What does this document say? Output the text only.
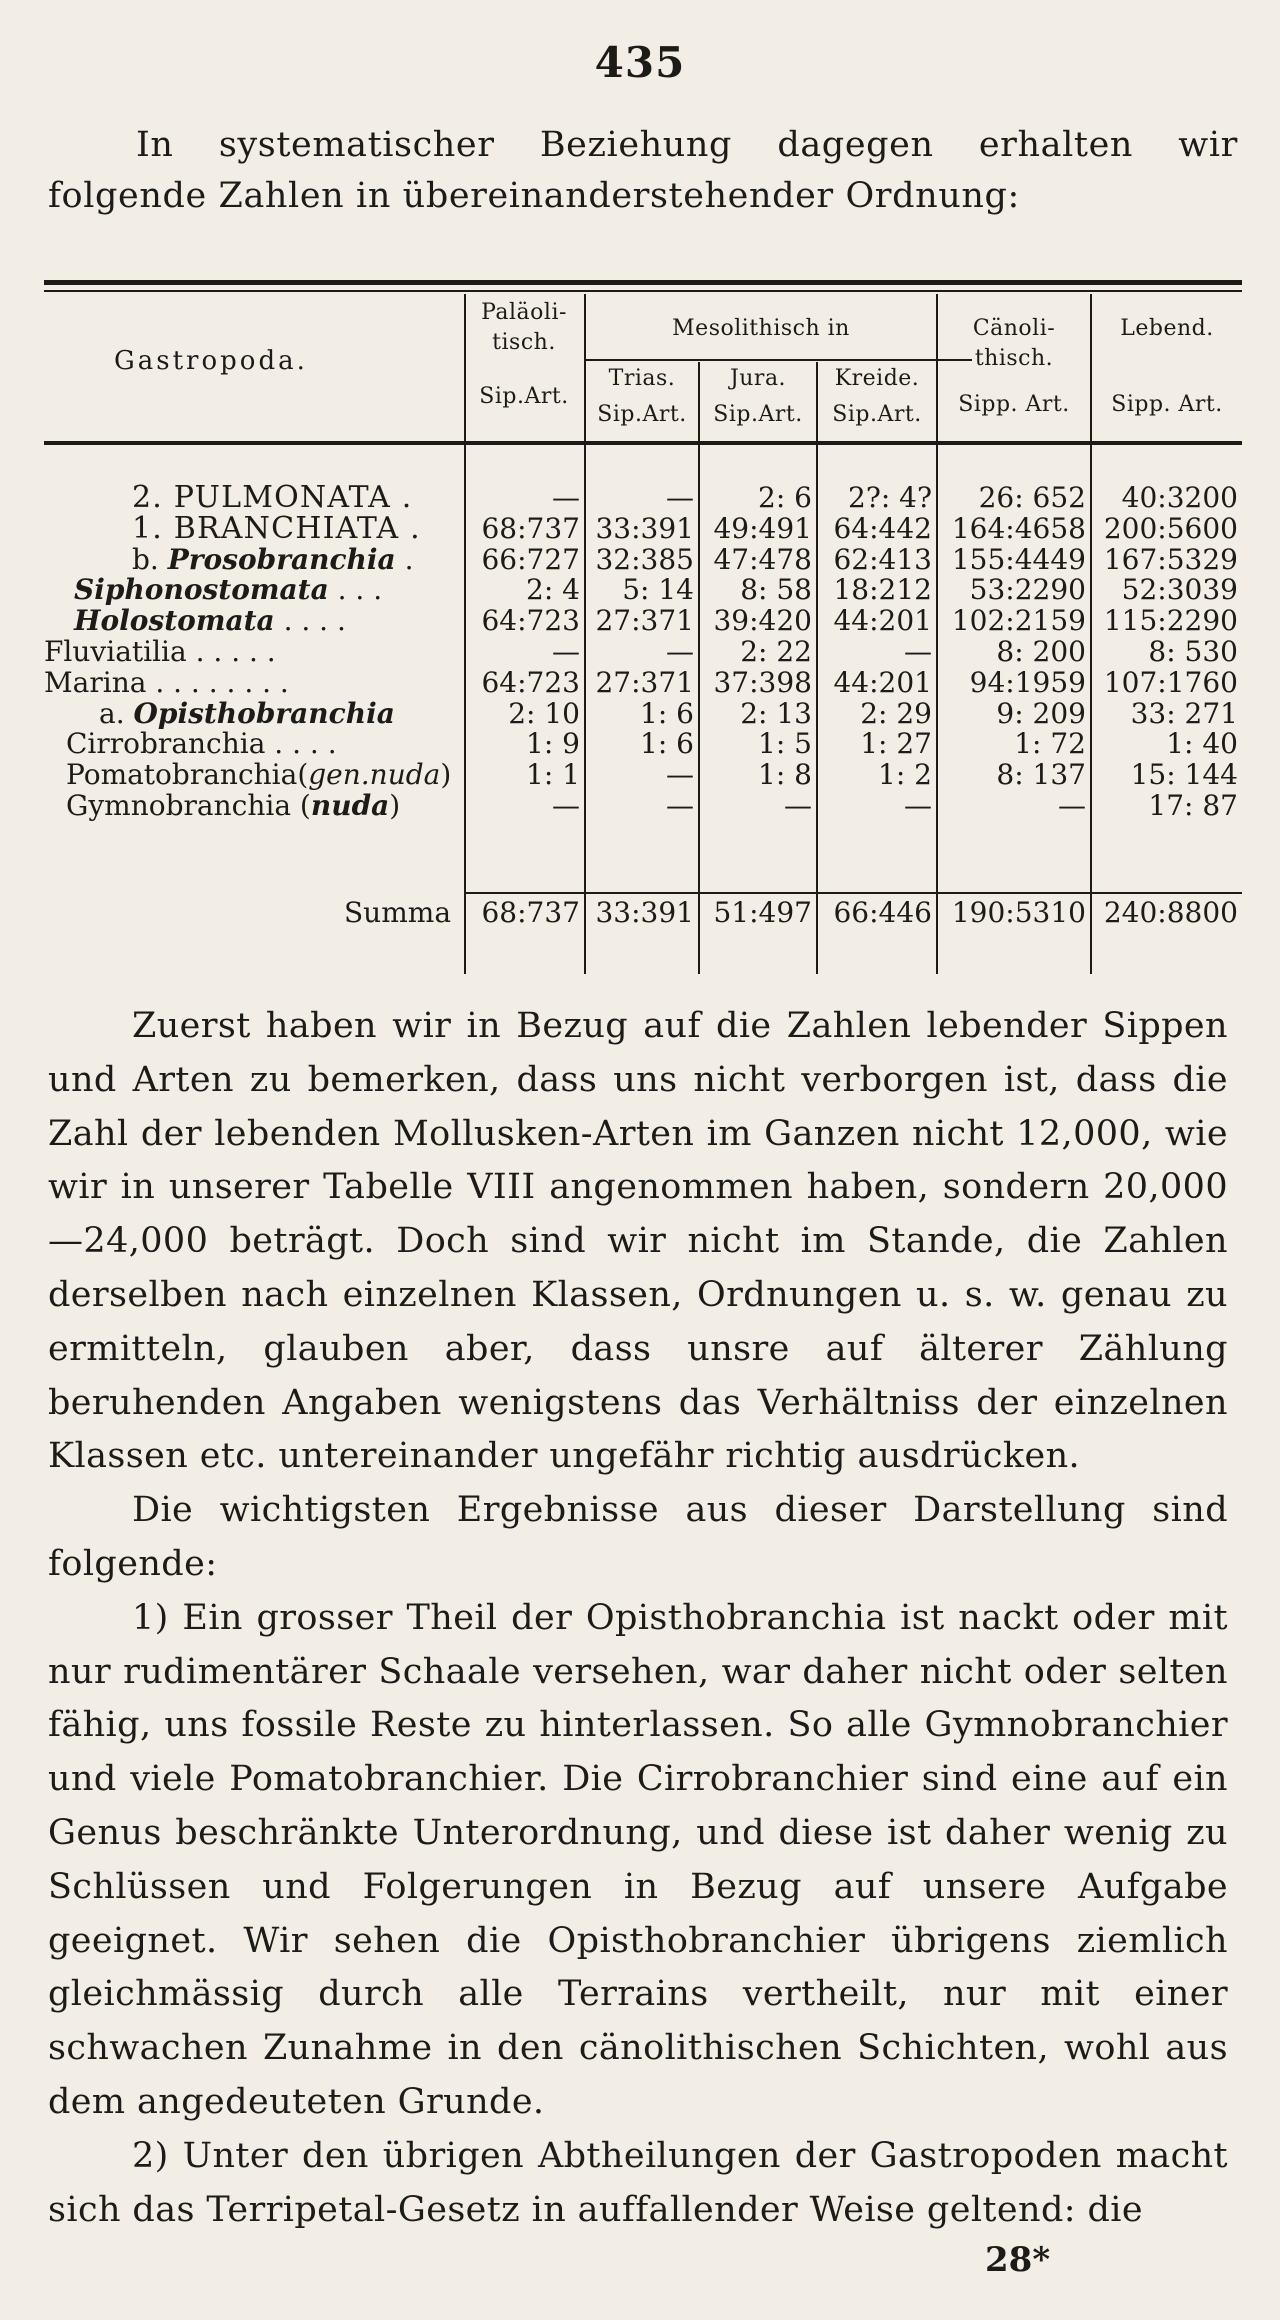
435
In systematischer Beziehung dagegen erhalten wir folgende Zahlen in übereinanderstehender Ordnung:
Gastropoda.
Paläoli-
tisch.
Sip.Art.
Mesolithisch in
Trias.
Sip.Art.
Jura.
Sip.Art.
Kreide.
Sip.Art.
Cänoli-
thisch.
Sipp. Art.
Lebend.
Sipp. Art.
2. PULMONATA .
1. BRANCHIATA .
b. Prosobranchia .
Siphonostomata . . .
Holostomata . . . .
Fluviatilia . . . . .
Marina . . . . . . . .
a. Opisthobranchia
Cirrobranchia . . . .
Pomatobranchia(gen.nuda)
Gymnobranchia (nuda)
—
68:737
66:727
2: 4
64:723
—
64:723
2: 10
1: 9
1: 1
—
—
33:391
32:385
5: 14
27:371
—
27:371
1: 6
1: 6
—
—
2: 6
49:491
47:478
8: 58
39:420
2: 22
37:398
2: 13
1: 5
1: 8
—
2?: 4?
64:442
62:413
18:212
44:201
—
44:201
2: 29
1: 27
1: 2
—
26: 652
164:4658
155:4449
53:2290
102:2159
8: 200
94:1959
9: 209
1: 72
8: 137
—
40:3200
200:5600
167:5329
52:3039
115:2290
8: 530
107:1760
33: 271
1: 40
15: 144
17: 87
Summa	68:737 33:391 51:497 66:446 190:5310 240:8800

Zuerst haben wir in Bezug auf die Zahlen lebender Sippen und Arten zu bemerken, dass uns nicht verborgen ist, dass die Zahl der lebenden Mollusken-Arten im Ganzen nicht 12,000, wie wir in unserer Tabelle VIII angenommen haben, sondern 20,000 —24,000 beträgt. Doch sind wir nicht im Stande, die Zahlen derselben nach einzelnen Klassen, Ordnungen u. s. w. genau zu ermitteln, glauben aber, dass unsre auf älterer Zählung beruhenden Angaben wenigstens das Verhältniss der einzelnen Klassen etc. untereinander ungefähr richtig ausdrücken.

Die wichtigsten Ergebnisse aus dieser Darstellung sind folgende:

1) Ein grosser Theil der Opisthobranchia ist nackt oder mit nur rudimentärer Schaale versehen, war daher nicht oder selten fähig, uns fossile Reste zu hinterlassen. So alle Gymnobranchier und viele Pomatobranchier. Die Cirrobranchier sind eine auf ein Genus beschränkte Unterordnung, und diese ist daher wenig zu Schlüssen und Folgerungen in Bezug auf unsere Aufgabe geeignet. Wir sehen die Opisthobranchier übrigens ziemlich gleichmässig durch alle Terrains vertheilt, nur mit einer schwachen Zunahme in den cänolithischen Schichten, wohl aus dem angedeuteten Grunde.

2) Unter den übrigen Abtheilungen der Gastropoden macht sich das Terripetal-Gesetz in auffallender Weise geltend: die

28*
